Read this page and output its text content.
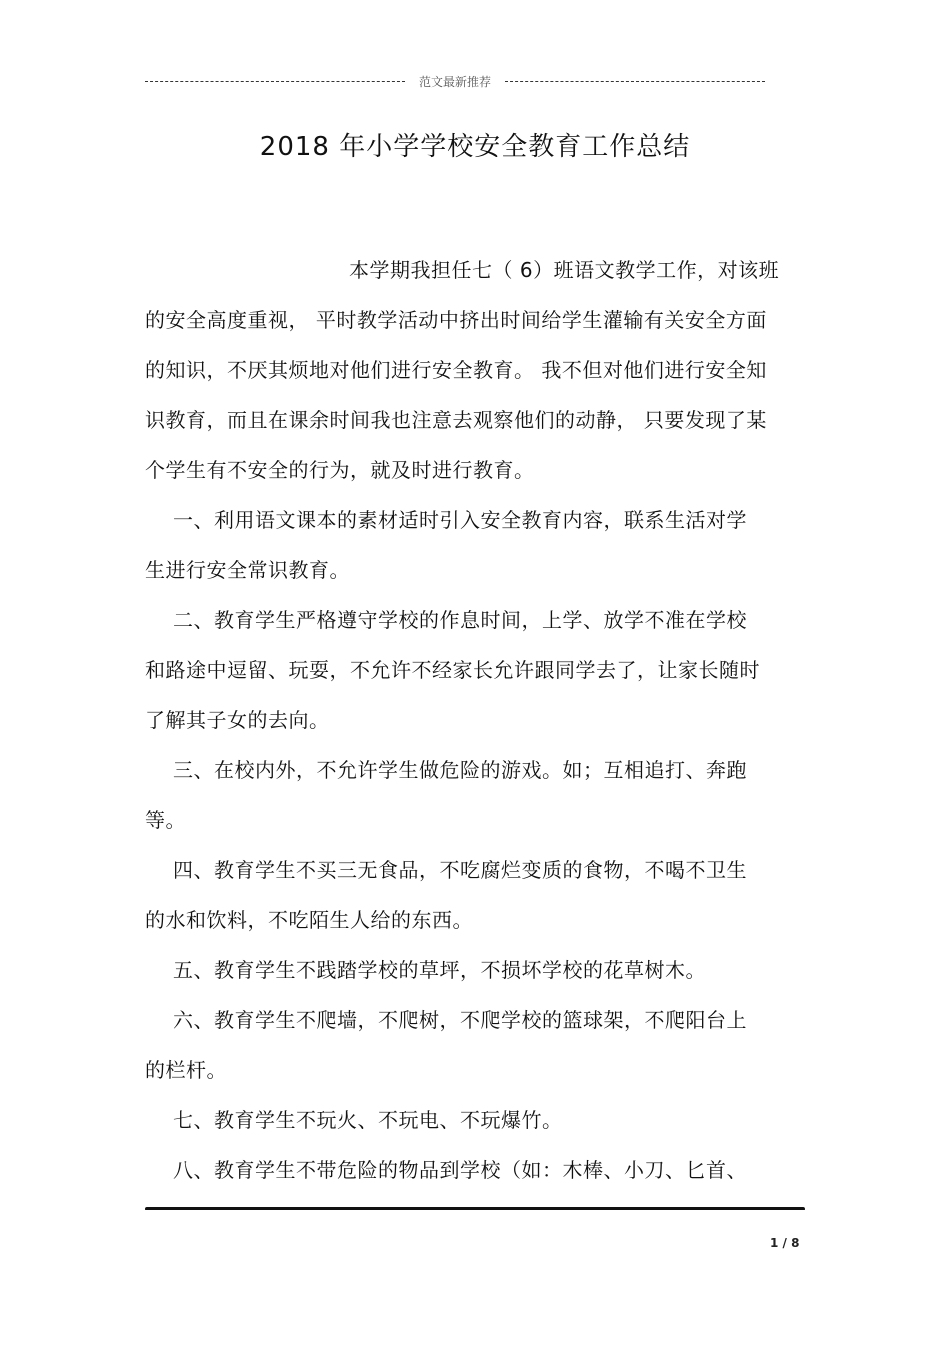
范文最新推荐
2018 年小学学校安全教育工作总结
本学期我担任七（ 6）班语文教学工作，对该班
的安全高度重视， 平时教学活动中挤出时间给学生灌输有关安全方面
的知识，不厌其烦地对他们进行安全教育。 我不但对他们进行安全知
识教育，而且在课余时间我也注意去观察他们的动静， 只要发现了某
个学生有不安全的行为，就及时进行教育。
一、利用语文课本的素材适时引入安全教育内容，联系生活对学
生进行安全常识教育。
二、教育学生严格遵守学校的作息时间，上学、放学不准在学校
和路途中逗留、玩耍，不允许不经家长允许跟同学去了，让家长随时
了解其子女的去向。
三、在校内外，不允许学生做危险的游戏。如；互相追打、奔跑
等。
四、教育学生不买三无食品，不吃腐烂变质的食物，不喝不卫生
的水和饮料，不吃陌生人给的东西。
五、教育学生不践踏学校的草坪，不损坏学校的花草树木。
六、教育学生不爬墙，不爬树，不爬学校的篮球架，不爬阳台上
的栏杆。
七、教育学生不玩火、不玩电、不玩爆竹。
八、教育学生不带危险的物品到学校（如：木棒、小刀、匕首、
1 / 8
